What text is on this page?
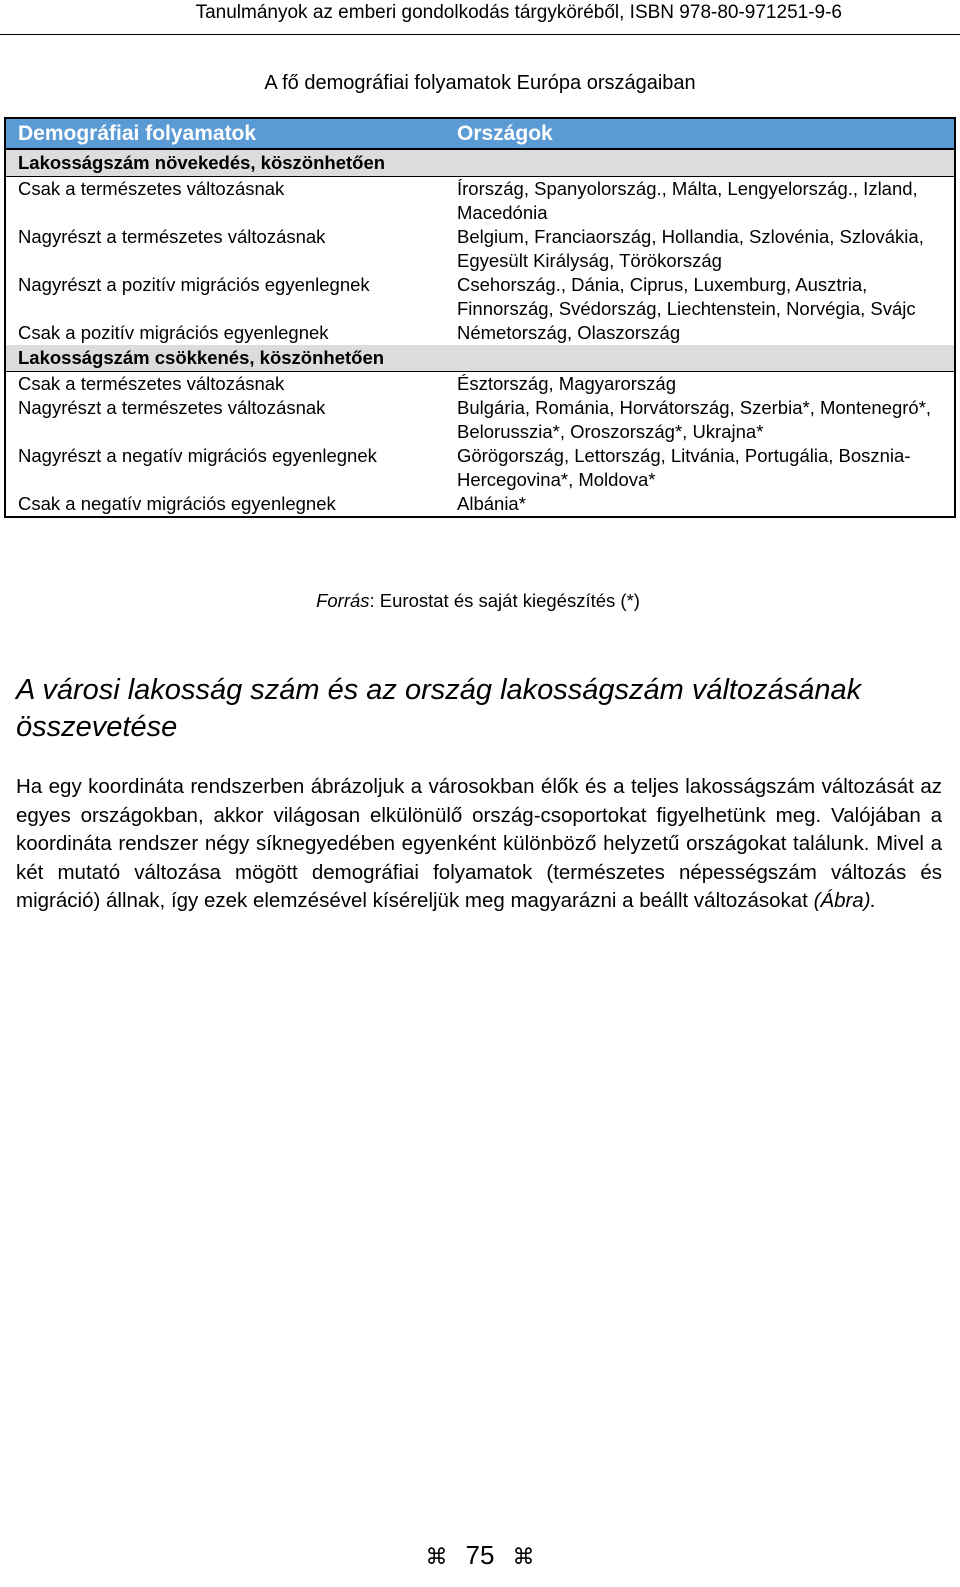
Tanulmányok az emberi gondolkodás tárgyköréből, ISBN 978-80-971251-9-6
A fő demográfiai folyamatok Európa országaiban
Demográfiai folyamatok	Országok
Lakosságszám növekedés, köszönhetően	
Csak a természetes változásnak	Írország, Spanyolország., Málta, Lengyelország., Izland, Macedónia
Nagyrészt a természetes változásnak	Belgium, Franciaország, Hollandia, Szlovénia, Szlovákia, Egyesült Királyság, Törökország
Nagyrészt a pozitív migrációs egyenlegnek	Csehország., Dánia, Ciprus, Luxemburg, Ausztria, Finnország, Svédország, Liechtenstein, Norvégia, Svájc
Csak a pozitív migrációs egyenlegnek	Németország, Olaszország
Lakosságszám csökkenés, köszönhetően	
Csak a természetes változásnak	Észtország, Magyarország
Nagyrészt a természetes változásnak	Bulgária, Románia, Horvátország, Szerbia*, Montenegró*, Belorusszia*, Oroszország*, Ukrajna*
Nagyrészt a negatív migrációs egyenlegnek	Görögország, Lettország, Litvánia, Portugália, Bosznia-Hercegovina*, Moldova*
Csak a negatív migrációs egyenlegnek	Albánia*
Forrás: Eurostat és saját kiegészítés (*)
A városi lakosság szám és az ország lakosságszám változásának összevetése
Ha egy koordináta rendszerben ábrázoljuk a városokban élők és a teljes lakosságszám változását az egyes országokban, akkor világosan elkülönülő ország-csoportokat figyelhetünk meg. Valójában a koordináta rendszer négy síknegyedében egyenként különböző helyzetű országokat találunk. Mivel a két mutató változása mögött demográfiai folyamatok (természetes népességszám változás és migráció) állnak, így ezek elemzésével kíséreljük meg magyarázni a beállt változásokat (Ábra).
⌘ 75 ⌘
